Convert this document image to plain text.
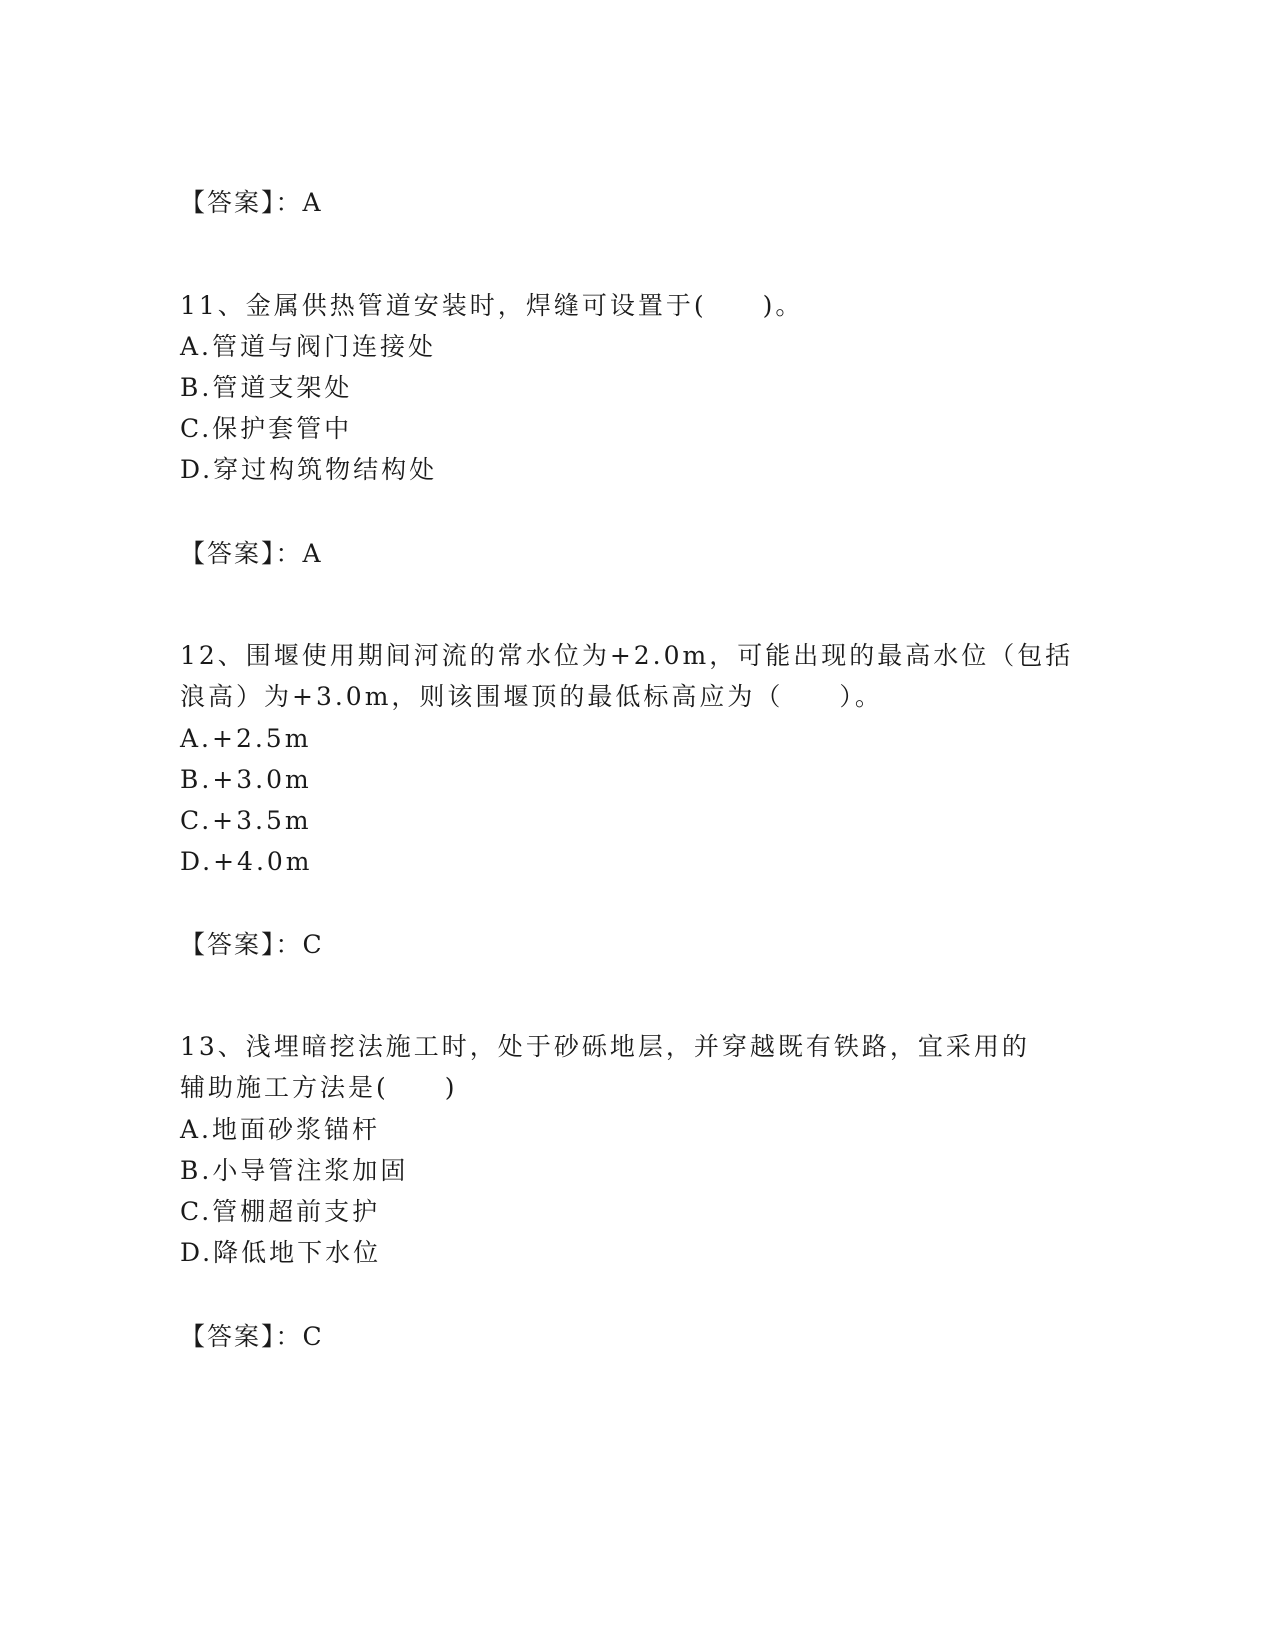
【答案】：A
11、金属供热管道安装时，焊缝可设置于(　　)。
A.管道与阀门连接处
B.管道支架处
C.保护套管中
D.穿过构筑物结构处
【答案】：A
12、围堰使用期间河流的常水位为+2.0m，可能出现的最高水位（包括
浪高）为+3.0m，则该围堰顶的最低标高应为（　　）。
A.+2.5m
B.+3.0m
C.+3.5m
D.+4.0m
【答案】：C
13、浅埋暗挖法施工时，处于砂砾地层，并穿越既有铁路，宜采用的
辅助施工方法是(　　)
A.地面砂浆锚杆
B.小导管注浆加固
C.管棚超前支护
D.降低地下水位
【答案】：C
